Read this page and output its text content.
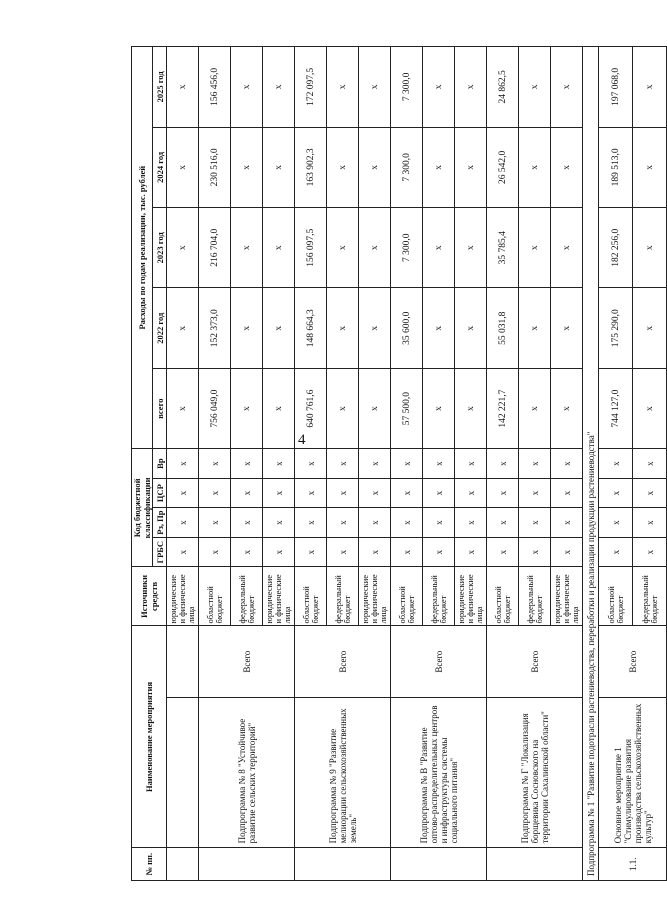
4
№ пп.	Наименование мероприятия		Источники средств	Код бюджетной классификации				Расходы по годам реализации, тыс. рублей				
				ГРБС	Рз, Пр	ЦСР	Вр	всего	2022 год	2023 год	2024 год	2025 год
			юридические и физические лица	х	х	х	х	х	х	х	х	х
	Подпрограмма № 8 "Устойчивое развитие сельских территорий"	Всего	областной бюджет	х	х	х	х	756 049,0	152 373,0	216 704,0	230 516,0	156 456,0
			федеральный бюджет	х	х	х	х	х	х	х	х	х
			юридические и физические лица	х	х	х	х	х	х	х	х	х
	Подпрограмма № 9 "Развитие мелиорации сельскохозяйственных земель"	Всего	областной бюджет	х	х	х	х	640 761,6	148 664,3	156 097,5	163 902,3	172 097,5
			федеральный бюджет	х	х	х	х	х	х	х	х	х
			юридические и физические лица	х	х	х	х	х	х	х	х	х
	Подпрограмма № В "Развитие оптово-распределительных центров и инфраструктуры системы социального питания"	Всего	областной бюджет	х	х	х	х	57 500,0	35 600,0	7 300,0	7 300,0	7 300,0
			федеральный бюджет	х	х	х	х	х	х	х	х	х
			юридические и физические лица	х	х	х	х	х	х	х	х	х
	Подпрограмма № Г "Локализация борщевика Сосновского на территории Сахалинской области"	Всего	областной бюджет	х	х	х	х	142 221,7	55 031,8	35 785,4	26 542,0	24 862,5
			федеральный бюджет	х	х	х	х	х	х	х	х	х
			юридические и физические лица	х	х	х	х	х	х	х	х	х
Подпрограмма № 1 "Развитие подотрасли растениеводства, переработки и реализации продукции растениеводства"												
1.1.	Основное мероприятие 1 "Стимулирование развития производства сельскохозяйственных культур"	Всего	областной бюджет	х	х	х	х	744 127,0	175 290,0	182 256,0	189 513,0	197 068,0
			федеральный бюджет	х	х	х	х	х	х	х	х	х
